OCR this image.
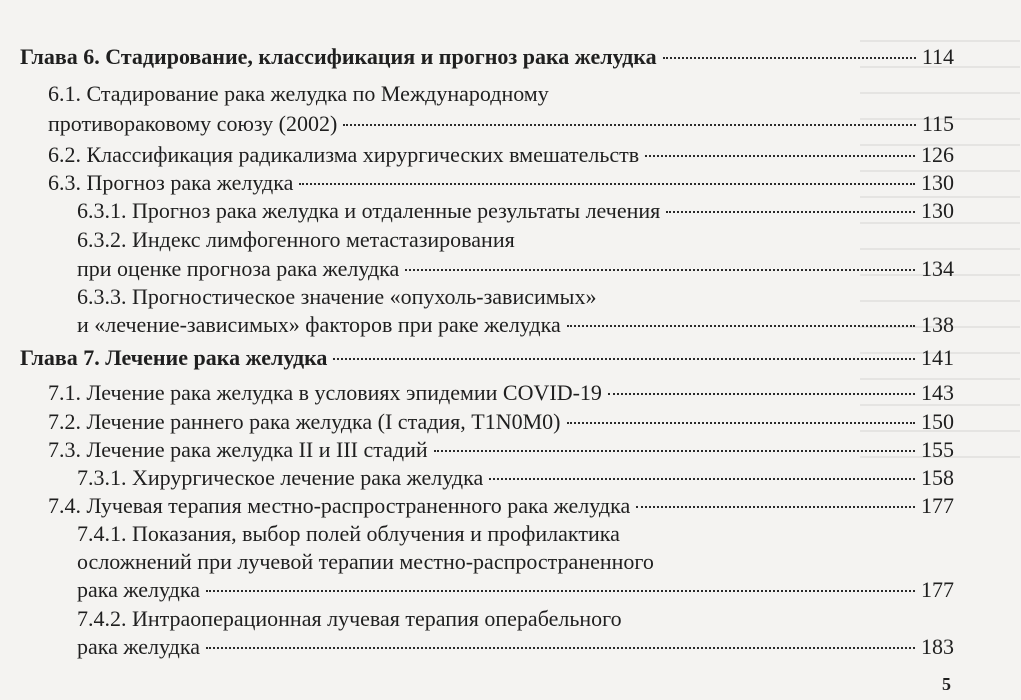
Глава 6. Стадирование, классификация и прогноз рака желудка	114
6.1. Стадирование рака желудка по Международному
противораковому союзу (2002)	115
6.2. Классификация радикализма хирургических вмешательств	126
6.3. Прогноз рака желудка	130
6.3.1. Прогноз рака желудка и отдаленные результаты лечения	130
6.3.2. Индекс лимфогенного метастазирования
при оценке прогноза рака желудка	134
6.3.3. Прогностическое значение «опухоль-зависимых»
и «лечение-зависимых» факторов при раке желудка	138
Глава 7. Лечение рака желудка	141
7.1. Лечение рака желудка в условиях эпидемии COVID-19	143
7.2. Лечение раннего рака желудка (I стадия, T1N0M0)	150
7.3. Лечение рака желудка II и III стадий	155
7.3.1. Хирургическое лечение рака желудка	158
7.4. Лучевая терапия местно-распространенного рака желудка	177
7.4.1. Показания, выбор полей облучения и профилактика
осложнений при лучевой терапии местно-распространенного
рака желудка	177
7.4.2. Интраоперационная лучевая терапия операбельного
рака желудка	183
5
